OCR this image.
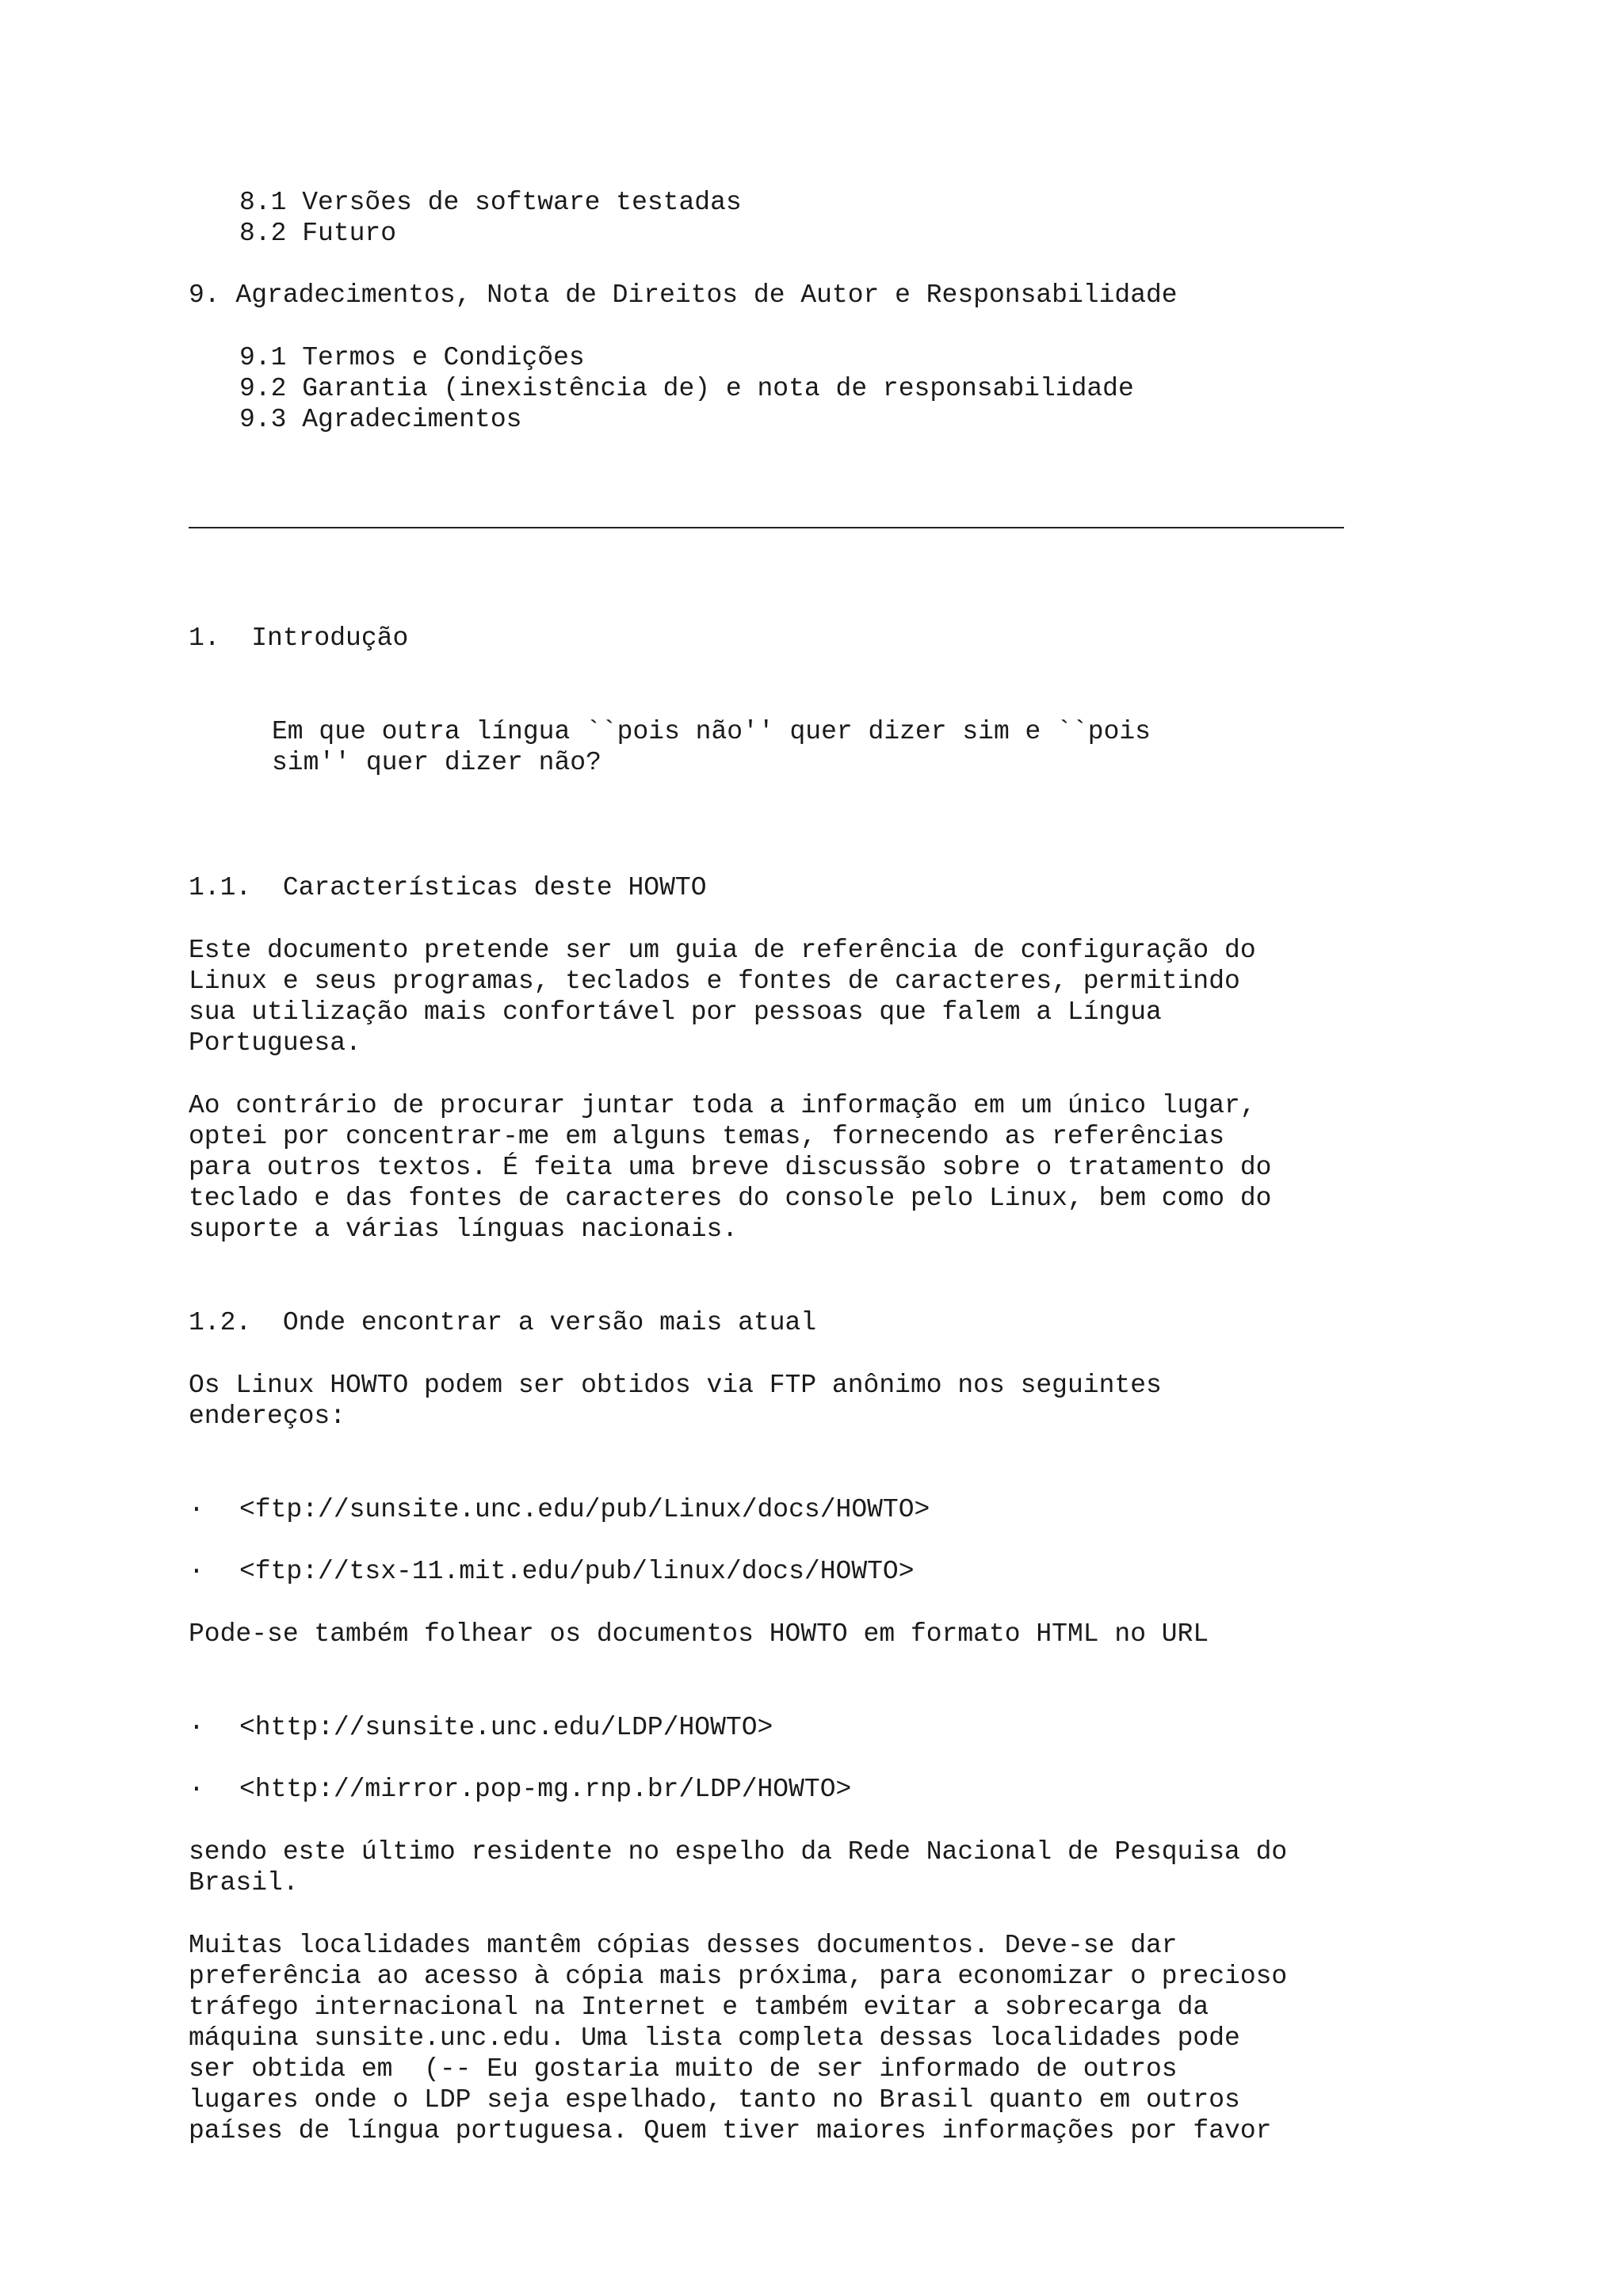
8.1 Versões de software testadas
8.2 Futuro
9. Agradecimentos, Nota de Direitos de Autor e Responsabilidade
9.1 Termos e Condições
9.2 Garantia (inexistência de) e nota de responsabilidade
9.3 Agradecimentos
1.  Introdução
Em que outra língua ``pois não'' quer dizer sim e ``pois
sim'' quer dizer não?
1.1.  Características deste HOWTO
Este documento pretende ser um guia de referência de configuração do
Linux e seus programas, teclados e fontes de caracteres, permitindo
sua utilização mais confortável por pessoas que falem a Língua
Portuguesa.
Ao contrário de procurar juntar toda a informação em um único lugar,
optei por concentrar-me em alguns temas, fornecendo as referências
para outros textos. É feita uma breve discussão sobre o tratamento do
teclado e das fontes de caracteres do console pelo Linux, bem como do
suporte a várias línguas nacionais.
1.2.  Onde encontrar a versão mais atual
Os Linux HOWTO podem ser obtidos via FTP anônimo nos seguintes
endereços:
· <ftp://sunsite.unc.edu/pub/Linux/docs/HOWTO>
· <ftp://tsx-11.mit.edu/pub/linux/docs/HOWTO>
Pode-se também folhear os documentos HOWTO em formato HTML no URL
· <http://sunsite.unc.edu/LDP/HOWTO>
· <http://mirror.pop-mg.rnp.br/LDP/HOWTO>
sendo este último residente no espelho da Rede Nacional de Pesquisa do
Brasil.
Muitas localidades mantêm cópias desses documentos. Deve-se dar
preferência ao acesso à cópia mais próxima, para economizar o precioso
tráfego internacional na Internet e também evitar a sobrecarga da
máquina sunsite.unc.edu. Uma lista completa dessas localidades pode
ser obtida em  (-- Eu gostaria muito de ser informado de outros
lugares onde o LDP seja espelhado, tanto no Brasil quanto em outros
países de língua portuguesa. Quem tiver maiores informações por favor
